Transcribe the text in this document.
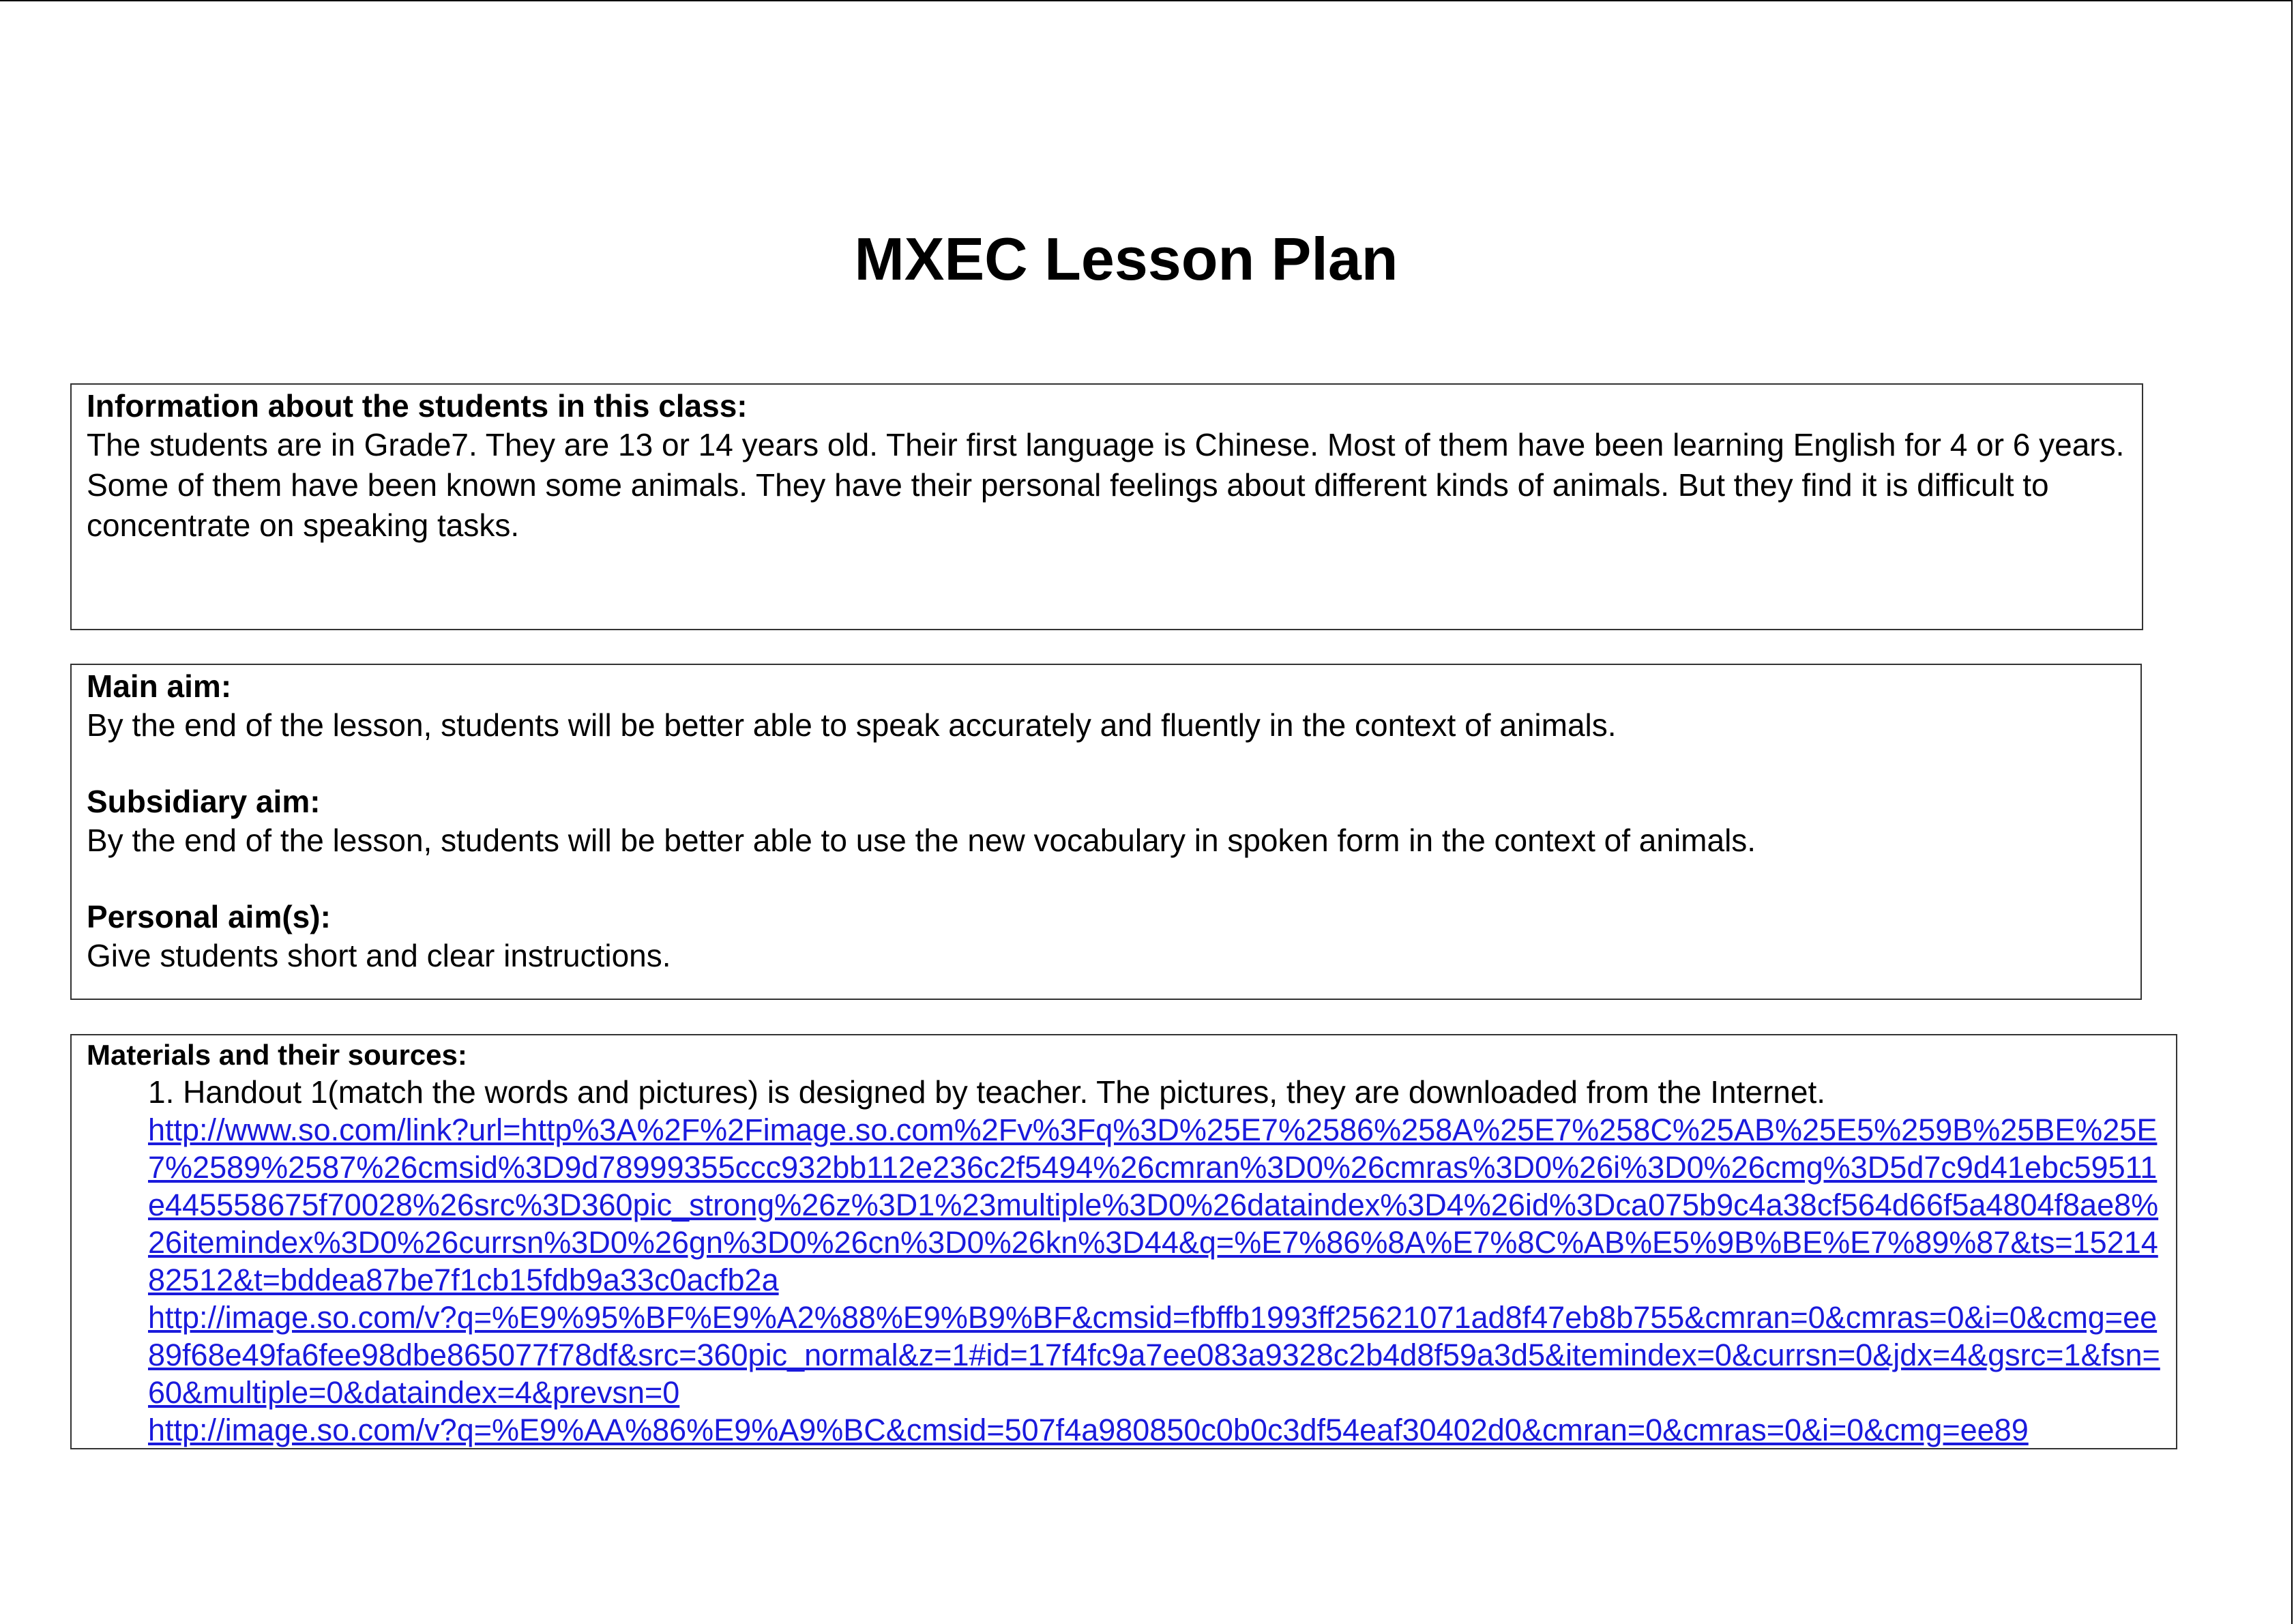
MXEC Lesson Plan

Information about the students in this class:

The students are in Grade7. They are 13 or 14 years old. Their first language is Chinese. Most of them have been learning English for 4 or 6 years. Some of them have been known some animals. They have their personal feelings about different kinds of animals. But they find it is difficult to concentrate on speaking tasks.

Main aim:

By the end of the lesson, students will be better able to speak accurately and fluently in the context of animals.

Subsidiary aim:

By the end of the lesson, students will be better able to use the new vocabulary in spoken form in the context of animals.

Personal aim(s):

Give students short and clear instructions.

Materials and their sources:

1. Handout 1(match the words and pictures) is designed by teacher. The pictures, they are downloaded from the Internet.

http://www.so.com/link?url=http%3A%2F%2Fimage.so.com%2Fv%3Fq%3D%25E7%2586%258A%25E7%258C%25AB%25E5%259B%25BE%25E7%2589%2587%26cmsid%3D9d78999355ccc932bb112e236c2f5494%26cmran%3D0%26cmras%3D0%26i%3D0%26cmg%3D5d7c9d41ebc59511e445558675f70028%26src%3D360pic_strong%26z%3D1%23multiple%3D0%26dataindex%3D4%26id%3Dca075b9c4a38cf564d66f5a4804f8ae8%26itemindex%3D0%26currsn%3D0%26gn%3D0%26cn%3D0%26kn%3D44&q=%E7%86%8A%E7%8C%AB%E5%9B%BE%E7%89%87&ts=1521482512&t=bddea87be7f1cb15fdb9a33c0acfb2a
http://image.so.com/v?q=%E9%95%BF%E9%A2%88%E9%B9%BF&cmsid=fbffb1993ff25621071ad8f47eb8b755&cmran=0&cmras=0&i=0&cmg=ee89f68e49fa6fee98dbe865077f78df&src=360pic_normal&z=1#id=17f4fc9a7ee083a9328c2b4d8f59a3d5&itemindex=0&currsn=0&jdx=4&gsrc=1&fsn=60&multiple=0&dataindex=4&prevsn=0
http://image.so.com/v?q=%E9%AA%86%E9%A9%BC&cmsid=507f4a980850c0b0c3df54eaf30402d0&cmran=0&cmras=0&i=0&cmg=ee89
